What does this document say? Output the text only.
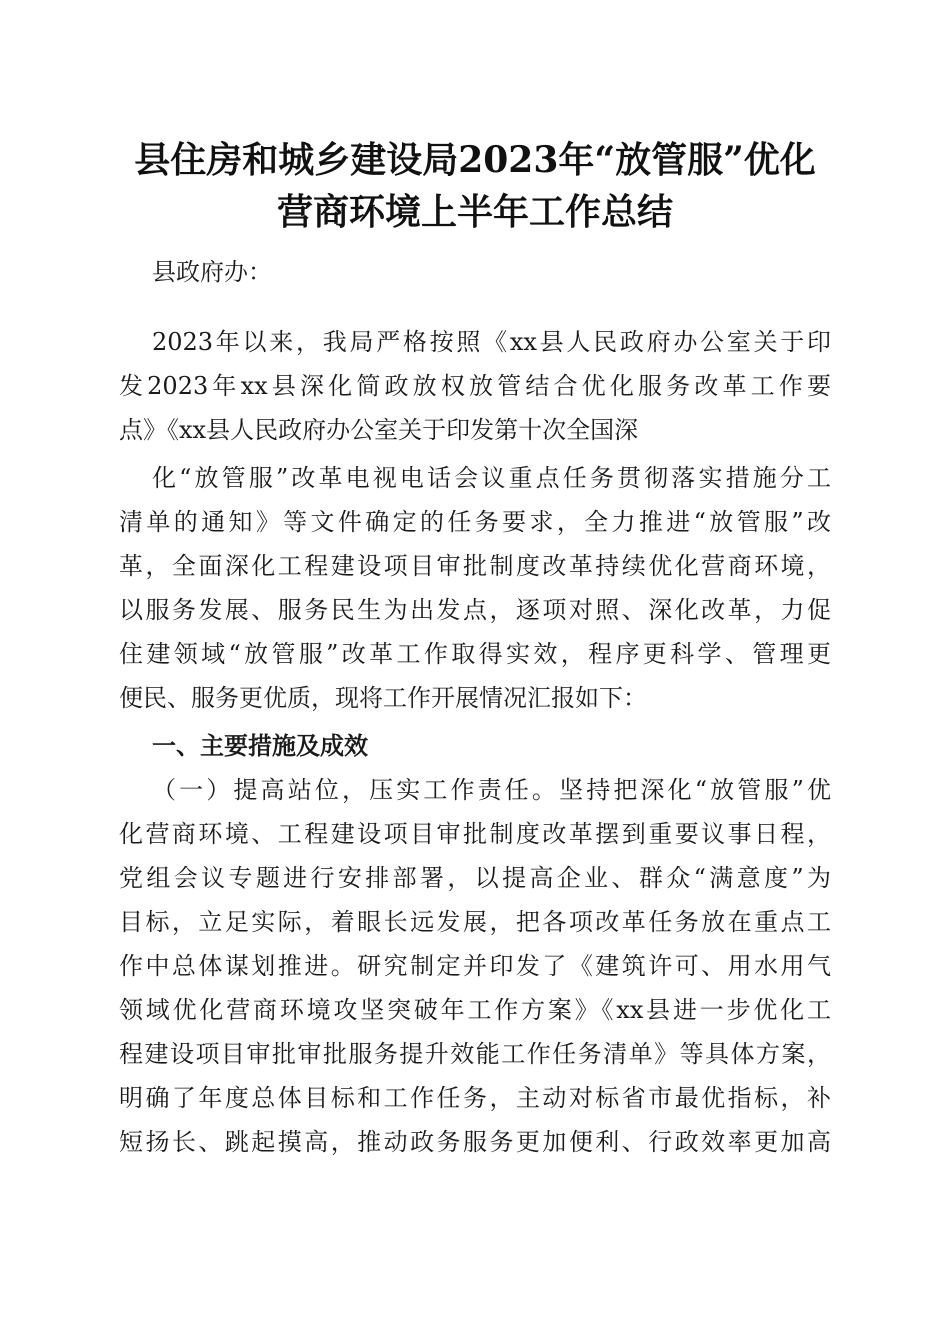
县住房和城乡建设局2023年“放管服”优化
营商环境上半年工作总结
县政府办：
2023年以来，我局严格按照《xx县人民政府办公室关于印
发2023年xx县深化简政放权放管结合优化服务改革工作要
点》《xx县人民政府办公室关于印发第十次全国深
化“放管服”改革电视电话会议重点任务贯彻落实措施分工
清单的通知》等文件确定的任务要求，全力推进“放管服”改
革，全面深化工程建设项目审批制度改革持续优化营商环境，
以服务发展、服务民生为出发点，逐项对照、深化改革，力促
住建领域“放管服”改革工作取得实效，程序更科学、管理更
便民、服务更优质，现将工作开展情况汇报如下：
一、主要措施及成效
（一）提高站位，压实工作责任。坚持把深化“放管服”优
化营商环境、工程建设项目审批制度改革摆到重要议事日程，
党组会议专题进行安排部署，以提高企业、群众“满意度”为
目标，立足实际，着眼长远发展，把各项改革任务放在重点工
作中总体谋划推进。研究制定并印发了《建筑许可、用水用气
领域优化营商环境攻坚突破年工作方案》《xx县进一步优化工
程建设项目审批审批服务提升效能工作任务清单》等具体方案，
明确了年度总体目标和工作任务，主动对标省市最优指标，补
短扬长、跳起摸高，推动政务服务更加便利、行政效率更加高
